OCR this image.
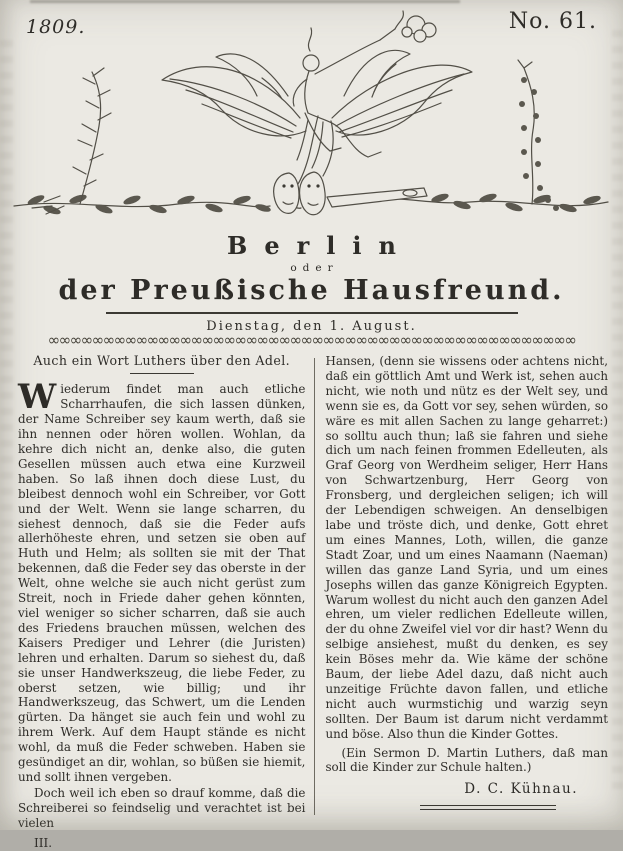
1809.	No. 61.
Berlin
oder
der Preußische Hausfreund.
Dienstag, den 1. August.
∞∞∞∞∞∞∞∞∞∞∞∞∞∞∞∞∞∞∞∞∞∞∞∞∞∞∞∞∞∞∞∞∞∞∞∞∞∞∞∞∞∞∞∞∞∞∞∞
Auch ein Wort Luthers über den Adel.

Wiederum findet man auch etliche Scharrhaufen, die sich lassen dünken, der Name Schreiber sey kaum werth, daß sie ihn nennen oder hören wollen. Wohlan, da kehre dich nicht an, denke also, die guten Gesellen müssen auch etwa eine Kurzweil haben. So laß ihnen doch diese Lust, du bleibest dennoch wohl ein Schreiber, vor Gott und der Welt. Wenn sie lange scharren, du siehest dennoch, daß sie die Feder aufs allerhöheste ehren, und setzen sie oben auf Huth und Helm; als sollten sie mit der That bekennen, daß die Feder sey das oberste in der Welt, ohne welche sie auch nicht gerüst zum Streit, noch in Friede daher gehen könnten, viel weniger so sicher scharren, daß sie auch des Friedens brauchen müssen, welchen des Kaisers Prediger und Lehrer (die Juristen) lehren und erhalten. Darum so siehest du, daß sie unser Handwerkszeug, die liebe Feder, zu oberst setzen, wie billig; und ihr Handwerkszeug, das Schwert, um die Lenden gürten. Da hänget sie auch fein und wohl zu ihrem Werk. Auf dem Haupt stände es nicht wohl, da muß die Feder schweben. Haben sie gesündiget an dir, wohlan, so büßen sie hiemit, und sollt ihnen vergeben.

Doch weil ich eben so drauf komme, daß die Schreiberei so feindselig und verachtet ist bei vielen

III.

Hansen, (denn sie wissens oder achtens nicht, daß ein göttlich Amt und Werk ist, sehen auch nicht, wie noth und nütz es der Welt sey, und wenn sie es, da Gott vor sey, sehen würden, so wäre es mit allen Sachen zu lange geharret:) so solltu auch thun; laß sie fahren und siehe dich um nach feinen frommen Edelleuten, als Graf Georg von Werdheim seliger, Herr Hans von Schwartzenburg, Herr Georg von Fronsberg, und dergleichen seligen; ich will der Lebendigen schweigen. An denselbigen labe und tröste dich, und denke, Gott ehret um eines Mannes, Loth, willen, die ganze Stadt Zoar, und um eines Naamann (Naeman) willen das ganze Land Syria, und um eines Josephs willen das ganze Königreich Egypten. Warum wollest du nicht auch den ganzen Adel ehren, um vieler redlichen Edelleute willen, der du ohne Zweifel viel vor dir hast? Wenn du selbige ansiehest, mußt du denken, es sey kein Böses mehr da. Wie käme der schöne Baum, der liebe Adel dazu, daß nicht auch unzeitige Früchte davon fallen, und etliche nicht auch wurmstichig und warzig seyn sollten. Der Baum ist darum nicht verdammt und böse. Also thun die Kinder Gottes.

(Ein Sermon D. Martin Luthers, daß man soll die Kinder zur Schule halten.)

D. C. Kühnau.
